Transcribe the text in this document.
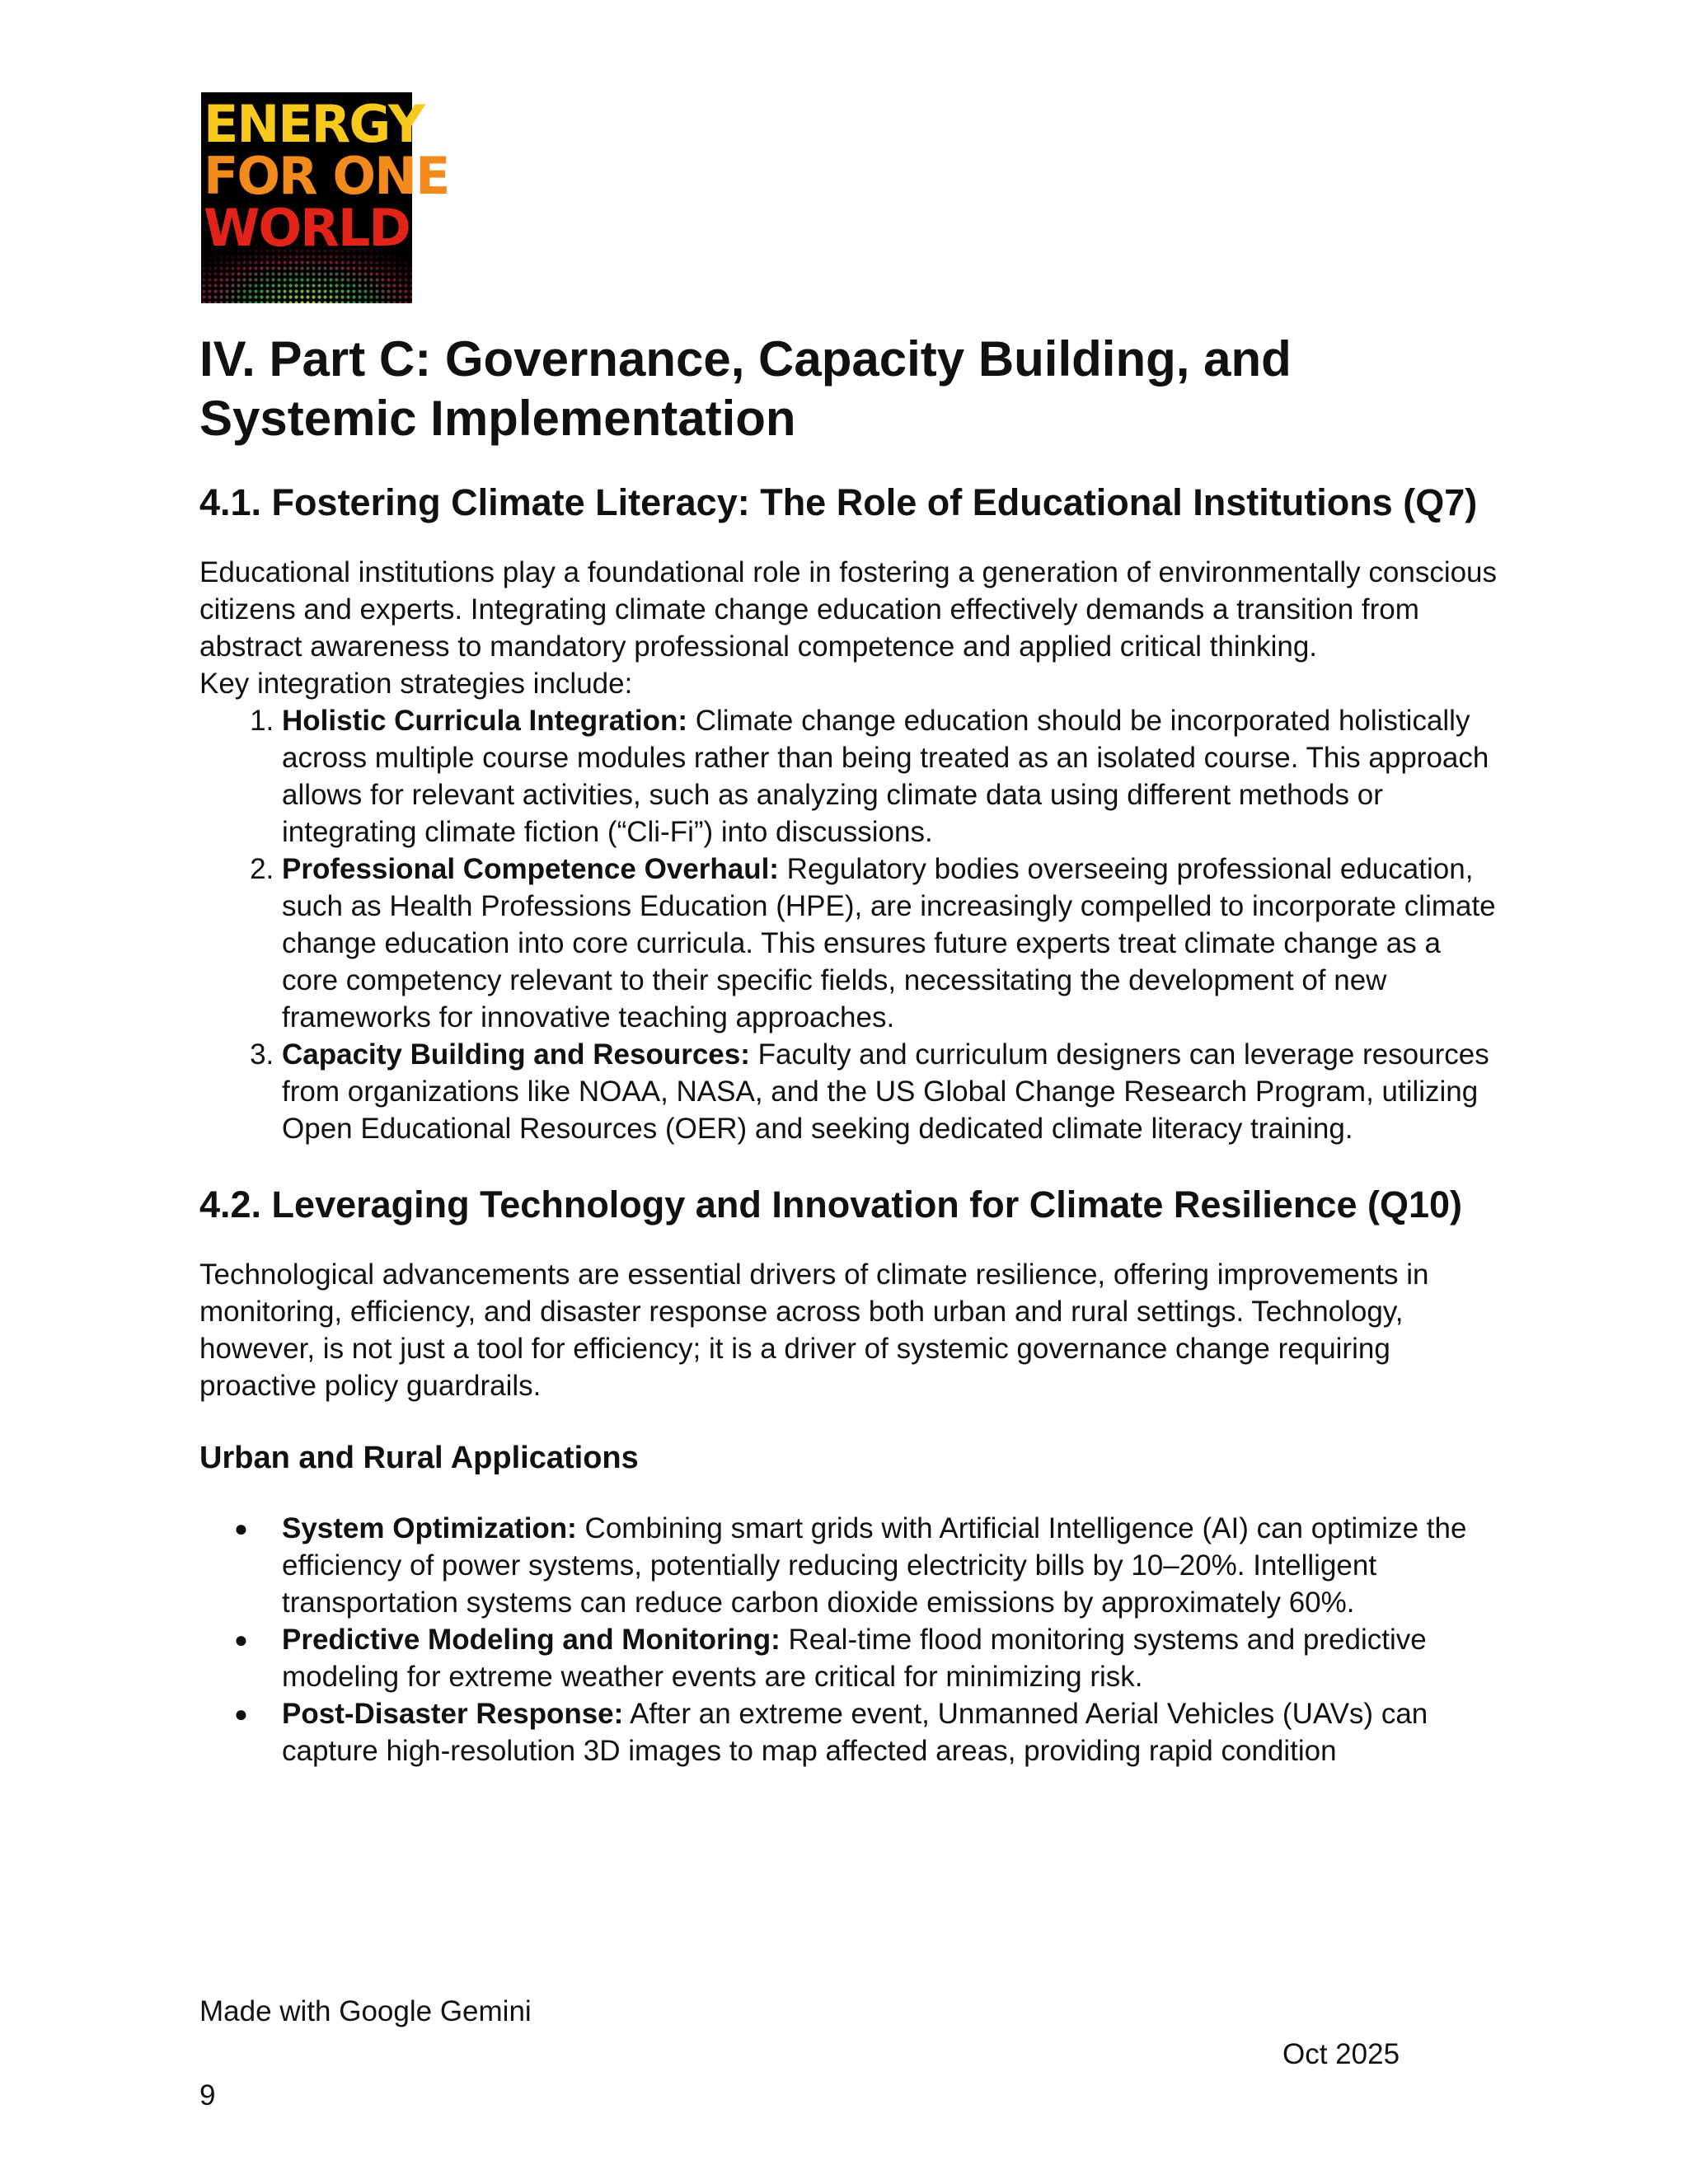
ENERGY
FOR ONE
WORLD
IV. Part C: Governance, Capacity Building, and Systemic Implementation
4.1. Fostering Climate Literacy: The Role of Educational Institutions (Q7)

Educational institutions play a foundational role in fostering a generation of environmentally conscious citizens and experts. Integrating climate change education effectively demands a transition from abstract awareness to mandatory professional competence and applied critical thinking.

Key integration strategies include:

1. Holistic Curricula Integration: Climate change education should be incorporated holistically across multiple course modules rather than being treated as an isolated course. This approach allows for relevant activities, such as analyzing climate data using different methods or integrating climate fiction (“Cli-Fi”) into discussions.
2. Professional Competence Overhaul: Regulatory bodies overseeing professional education, such as Health Professions Education (HPE), are increasingly compelled to incorporate climate change education into core curricula. This ensures future experts treat climate change as a core competency relevant to their specific fields, necessitating the development of new frameworks for innovative teaching approaches.
3. Capacity Building and Resources: Faculty and curriculum designers can leverage resources from organizations like NOAA, NASA, and the US Global Change Research Program, utilizing Open Educational Resources (OER) and seeking dedicated climate literacy training.
4.2. Leveraging Technology and Innovation for Climate Resilience (Q10)

Technological advancements are essential drivers of climate resilience, offering improvements in monitoring, efficiency, and disaster response across both urban and rural settings. Technology, however, is not just a tool for efficiency; it is a driver of systemic governance change requiring proactive policy guardrails.

Urban and Rural Applications
● System Optimization: Combining smart grids with Artificial Intelligence (AI) can optimize the efficiency of power systems, potentially reducing electricity bills by 10–20%. Intelligent transportation systems can reduce carbon dioxide emissions by approximately 60%.
● Predictive Modeling and Monitoring: Real-time flood monitoring systems and predictive modeling for extreme weather events are critical for minimizing risk.
● Post-Disaster Response: After an extreme event, Unmanned Aerial Vehicles (UAVs) can capture high-resolution 3D images to map affected areas, providing rapid condition
Made with Google Gemini
Oct 2025
9
